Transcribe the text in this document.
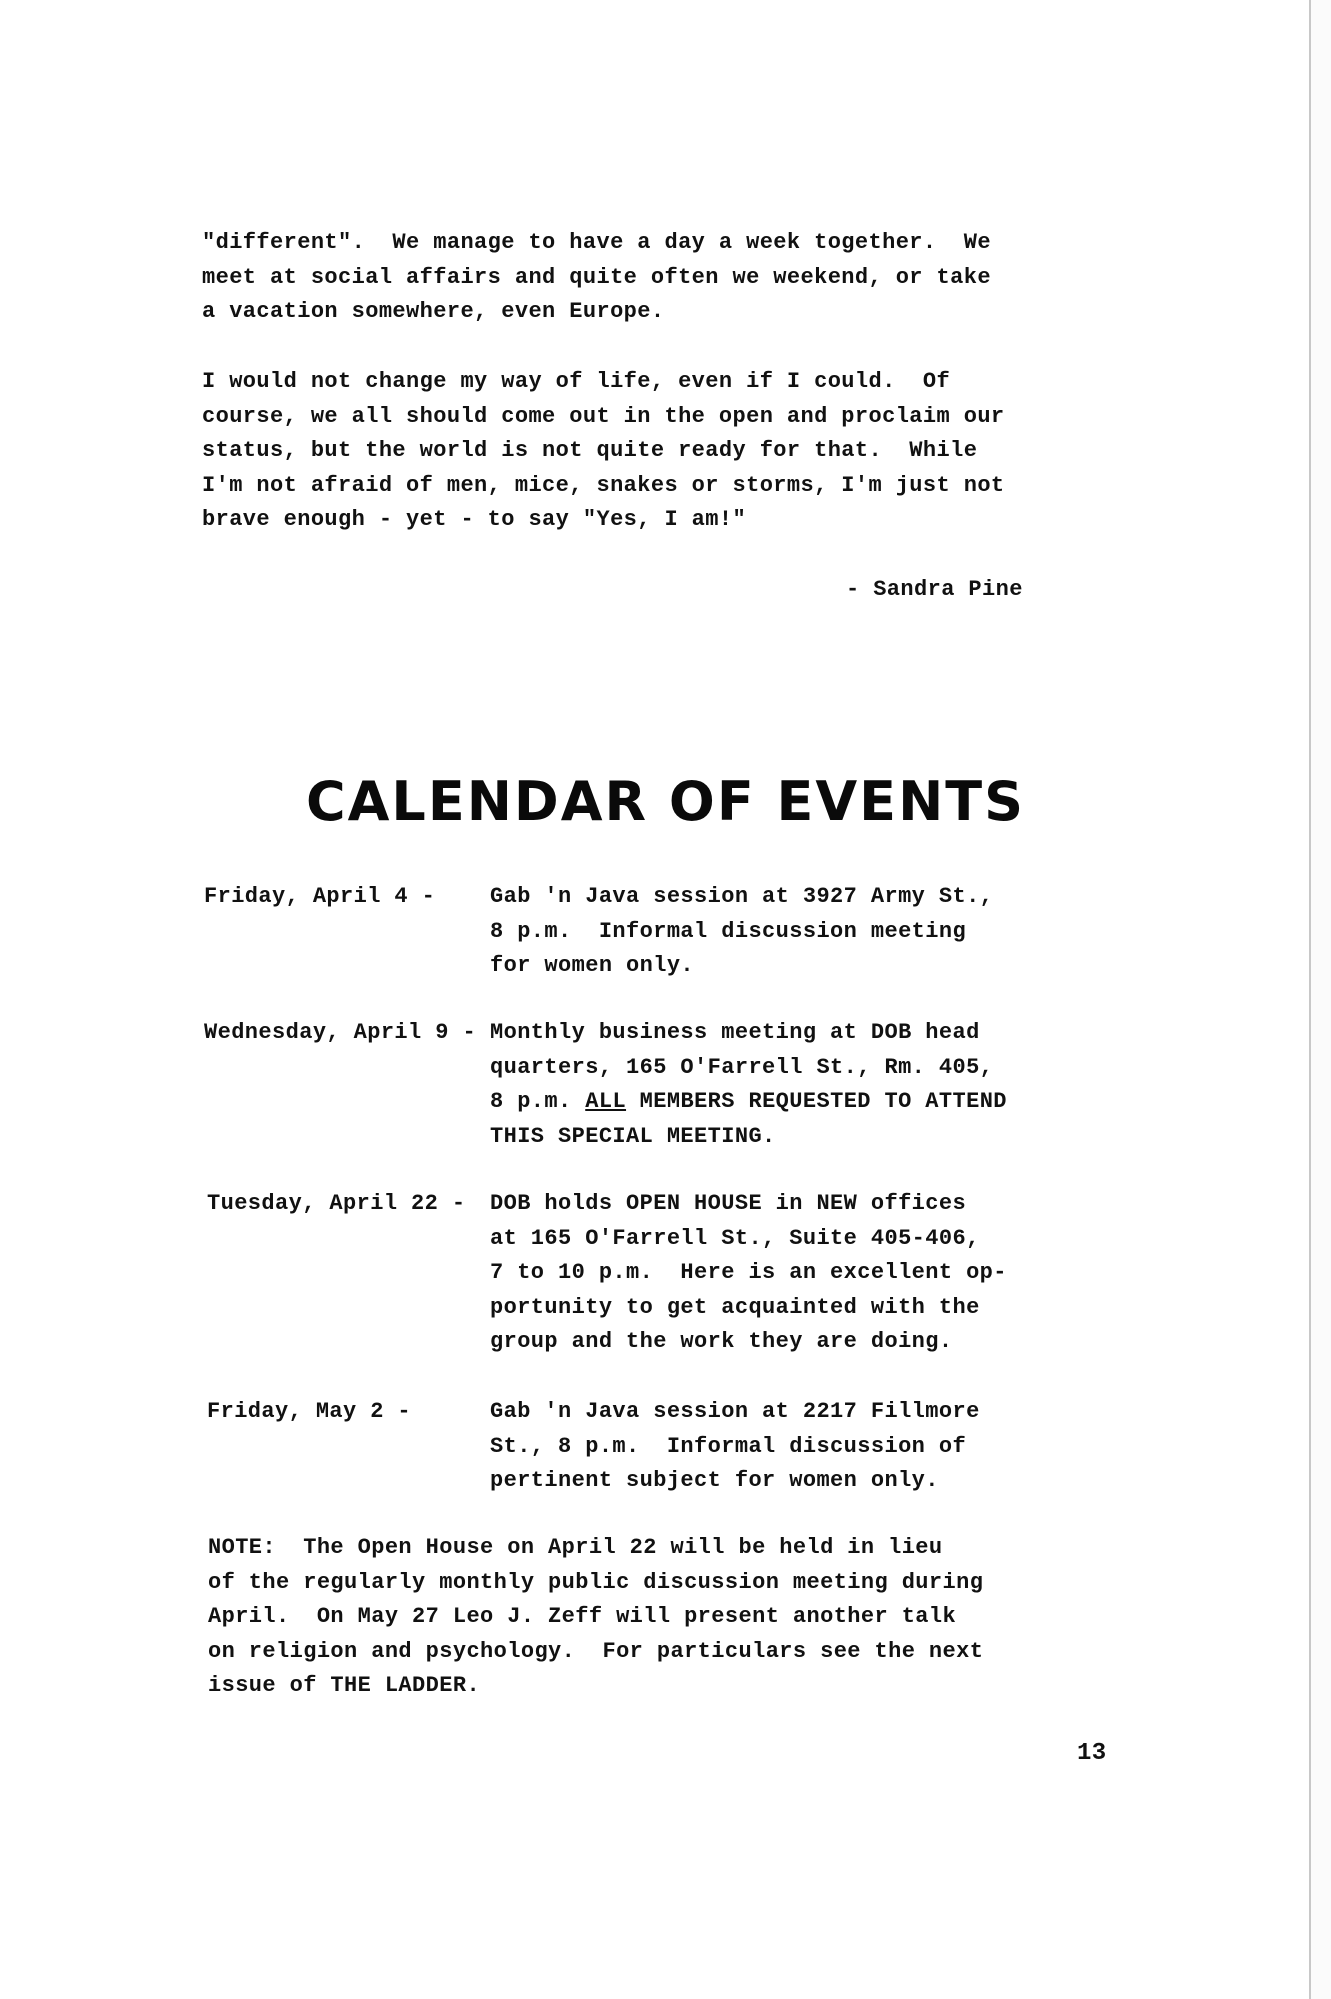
"different".  We manage to have a day a week together.  We
meet at social affairs and quite often we weekend, or take
a vacation somewhere, even Europe.
I would not change my way of life, even if I could.  Of
course, we all should come out in the open and proclaim our
status, but the world is not quite ready for that.  While
I'm not afraid of men, mice, snakes or storms, I'm just not
brave enough - yet - to say "Yes, I am!"
- Sandra Pine
CALENDAR OF EVENTS
Friday, April 4 - Gab 'n Java session at 3927 Army St.,
8 p.m.  Informal discussion meeting
for women only.
Wednesday, April 9 - Monthly business meeting at DOB head
quarters, 165 O'Farrell St., Rm. 405,
8 p.m. ALL MEMBERS REQUESTED TO ATTEND
THIS SPECIAL MEETING.
Tuesday, April 22 - DOB holds OPEN HOUSE in NEW offices
at 165 O'Farrell St., Suite 405-406,
7 to 10 p.m.  Here is an excellent op-
portunity to get acquainted with the
group and the work they are doing.
Friday, May 2 -	Gab 'n Java session at 2217 Fillmore
St., 8 p.m.  Informal discussion of
pertinent subject for women only.
NOTE:  The Open House on April 22 will be held in lieu
of the regularly monthly public discussion meeting during
April.  On May 27 Leo J. Zeff will present another talk
on religion and psychology.  For particulars see the next
issue of THE LADDER.
13
